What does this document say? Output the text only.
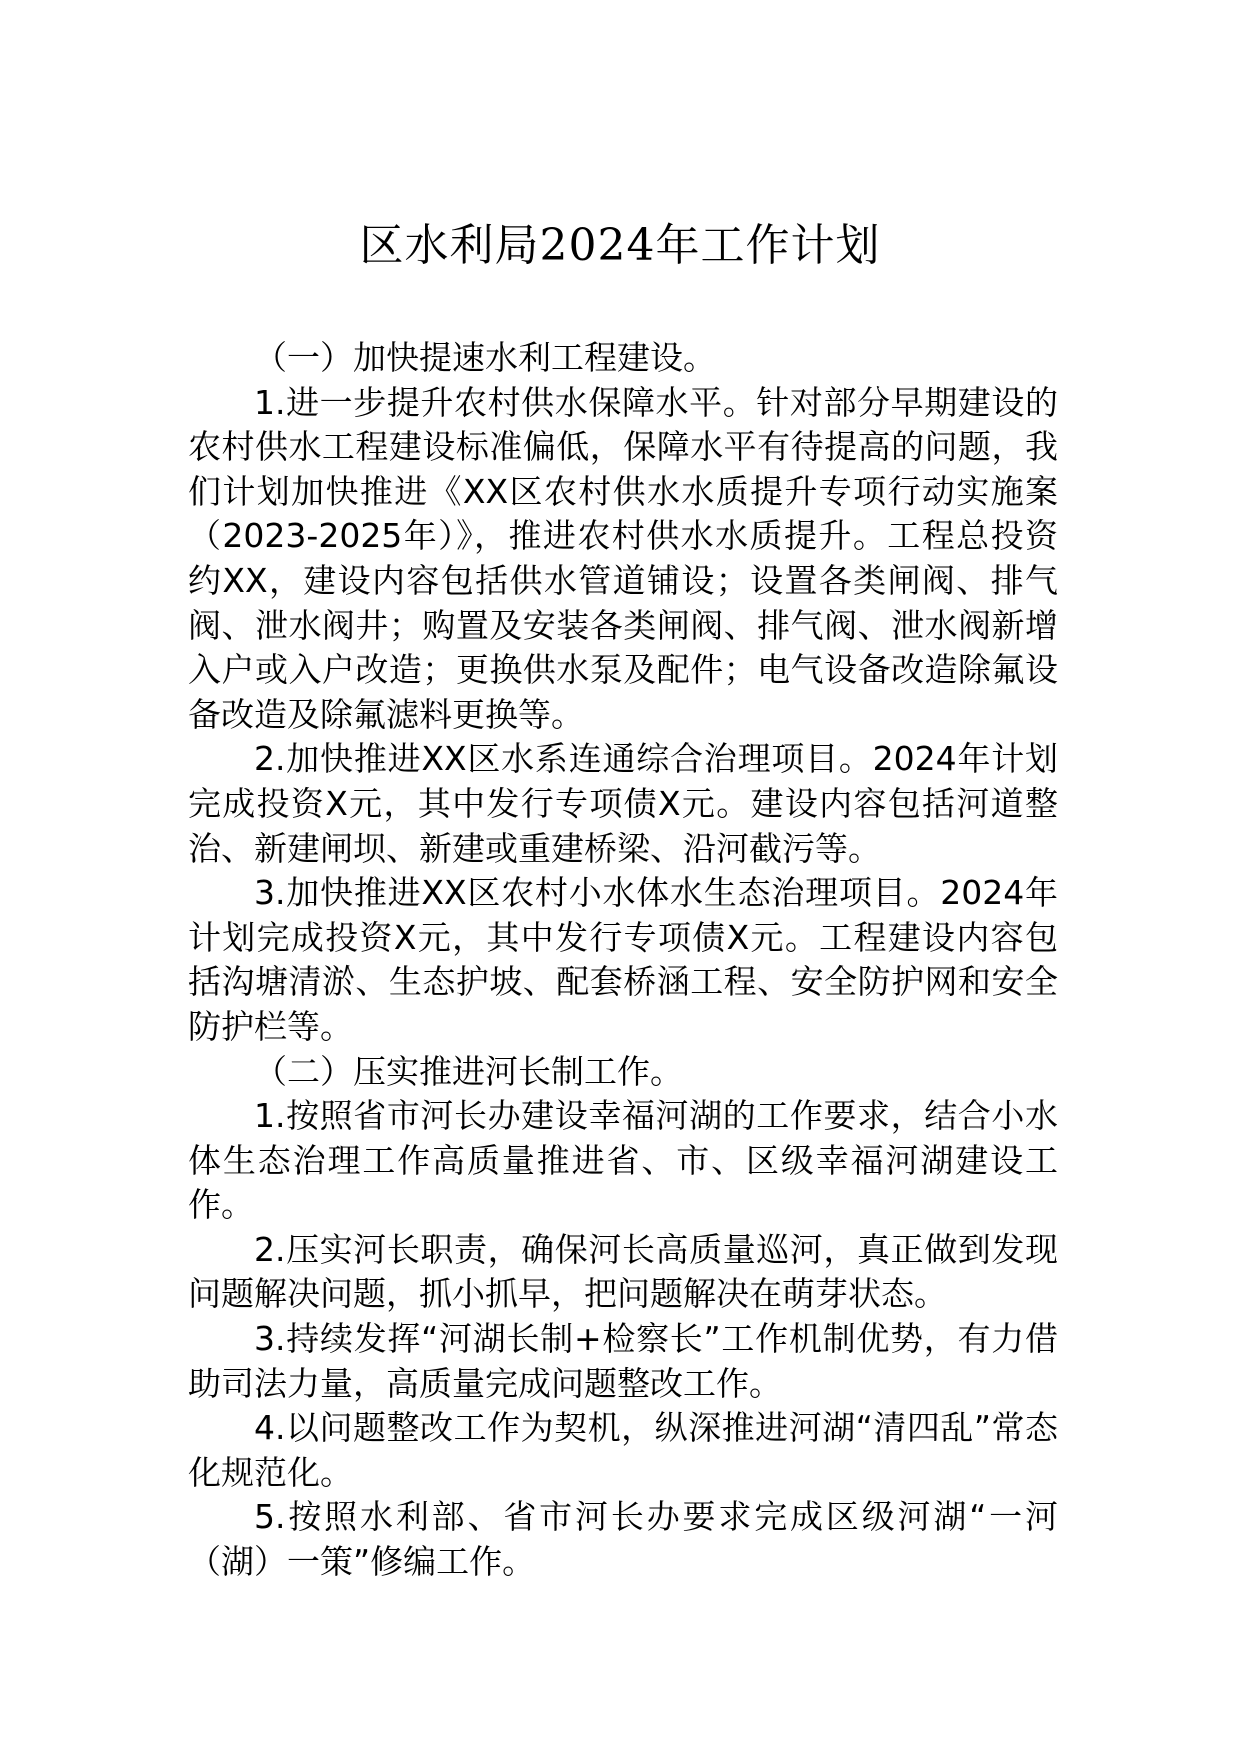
区水利局2024年工作计划

（一）加快提速水利工程建设。

1.进一步提升农村供水保障水平。针对部分早期建设的农村供水工程建设标准偏低，保障水平有待提高的问题，我们计划加快推进《XX区农村供水水质提升专项行动实施案（2023-2025年）》，推进农村供水水质提升。工程总投资约XX，建设内容包括供水管道铺设；设置各类闸阀、排气阀、泄水阀井；购置及安装各类闸阀、排气阀、泄水阀新增入户或入户改造；更换供水泵及配件；电气设备改造除氟设备改造及除氟滤料更换等。

2.加快推进XX区水系连通综合治理项目。2024年计划完成投资X元，其中发行专项债X元。建设内容包括河道整治、新建闸坝、新建或重建桥梁、沿河截污等。

3.加快推进XX区农村小水体水生态治理项目。2024年计划完成投资X元，其中发行专项债X元。工程建设内容包括沟塘清淤、生态护坡、配套桥涵工程、安全防护网和安全防护栏等。

（二）压实推进河长制工作。

1.按照省市河长办建设幸福河湖的工作要求，结合小水体生态治理工作高质量推进省、市、区级幸福河湖建设工作。

2.压实河长职责，确保河长高质量巡河，真正做到发现问题解决问题，抓小抓早，把问题解决在萌芽状态。

3.持续发挥“河湖长制+检察长”工作机制优势，有力借助司法力量，高质量完成问题整改工作。

4.以问题整改工作为契机，纵深推进河湖“清四乱”常态化规范化。

5.按照水利部、省市河长办要求完成区级河湖“一河（湖）一策”修编工作。
